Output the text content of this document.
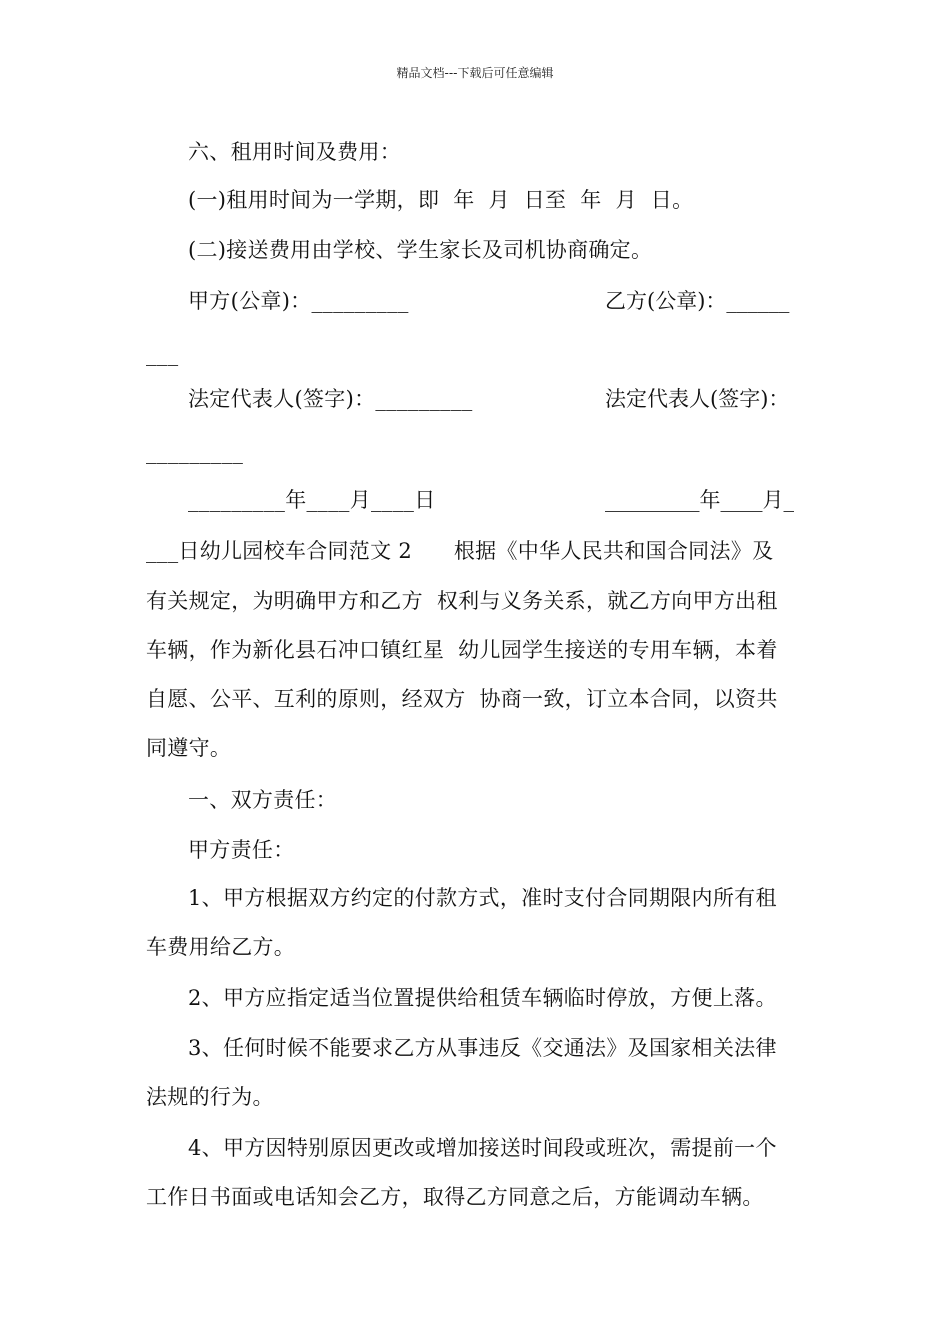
精品文档---下载后可任意编辑
六、租用时间及费用：
(一)租用时间为一学期，即  年  月  日至  年  月  日。
(二)接送费用由学校、学生家长及司机协商确定。
甲方(公章)：_________	乙方(公章)：______
___
法定代表人(签字)：_________	法定代表人(签字)：
_________
_________年____月____日	_________年____月_
___日幼儿园校车合同范文 2      根据《中华人民共和国合同法》及
有关规定，为明确甲方和乙方  权利与义务关系，就乙方向甲方出租
车辆，作为新化县石冲口镇红星  幼儿园学生接送的专用车辆，本着
自愿、公平、互利的原则，经双方  协商一致，订立本合同，以资共
同遵守。
一、双方责任：
甲方责任：
1、甲方根据双方约定的付款方式，准时支付合同期限内所有租
车费用给乙方。
2、甲方应指定适当位置提供给租赁车辆临时停放，方便上落。
3、任何时候不能要求乙方从事违反《交通法》及国家相关法律
法规的行为。
4、甲方因特别原因更改或增加接送时间段或班次，需提前一个
工作日书面或电话知会乙方，取得乙方同意之后，方能调动车辆。
